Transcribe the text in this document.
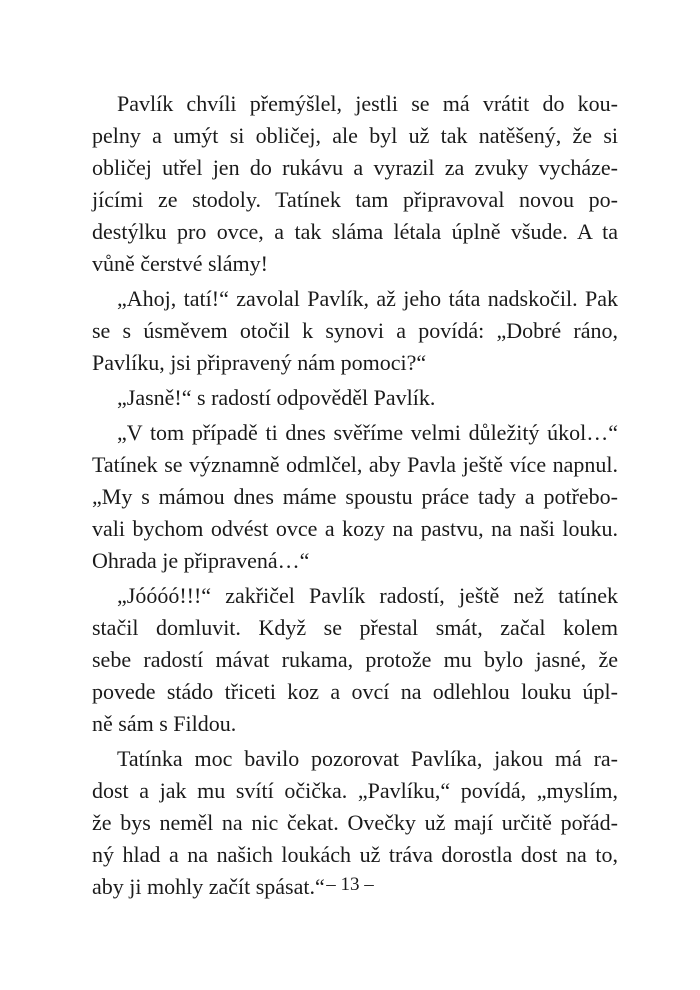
Pavlík chvíli přemýšlel, jestli se má vrátit do kou-
pelny a umýt si obličej, ale byl už tak natěšený, že si
obličej utřel jen do rukávu a vyrazil za zvuky vycháze-
jícími ze stodoly. Tatínek tam připravoval novou po-
destýlku pro ovce, a tak sláma létala úplně všude. A ta
vůně čerstvé slámy!
„Ahoj, tatí!“ zavolal Pavlík, až jeho táta nadskočil. Pak
se s úsměvem otočil k synovi a povídá: „Dobré ráno,
Pavlíku, jsi připravený nám pomoci?“
„Jasně!“ s radostí odpověděl Pavlík.
„V tom případě ti dnes svěříme velmi důležitý úkol…“
Tatínek se významně odmlčel, aby Pavla ještě více napnul.
„My s mámou dnes máme spoustu práce tady a potřebo-
vali bychom odvést ovce a kozy na pastvu, na naši louku.
Ohrada je připravená…“
„Jóóóó!!!“ zakřičel Pavlík radostí, ještě než tatínek
stačil domluvit. Když se přestal smát, začal kolem
sebe radostí mávat rukama, protože mu bylo jasné, že
povede stádo třiceti koz a ovcí na odlehlou louku úpl-
ně sám s Fildou.
Tatínka moc bavilo pozorovat Pavlíka, jakou má ra-
dost a jak mu svítí očička. „Pavlíku,“ povídá, „myslím,
že bys neměl na nic čekat. Ovečky už mají určitě pořád-
ný hlad a na našich loukách už tráva dorostla dost na to,
aby ji mohly začít spásat.“ – 13 –
